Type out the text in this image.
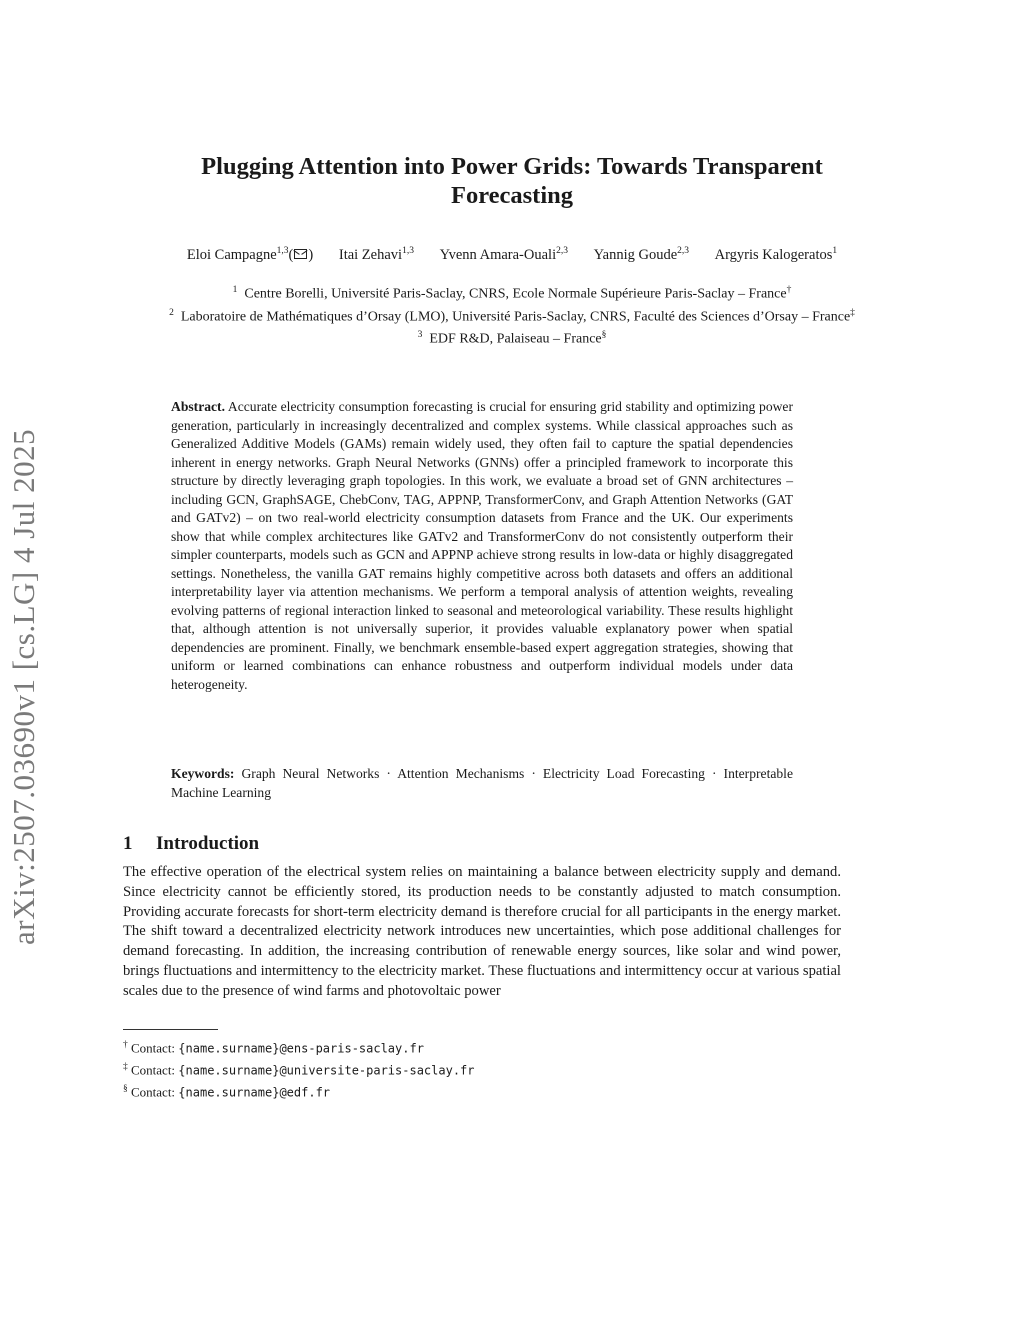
arXiv:2507.03690v1 [cs.LG] 4 Jul 2025
Plugging Attention into Power Grids: Towards Transparent
Forecasting
Eloi Campagne$^{1,3}$( ) Itai Zehavi$^{1,3}$ Yvenn Amara-Ouali$^{2,3}$ Yannig Goude$^{2,3}$ Argyris Kalogeratos$^1$
$^1$ Centre Borelli, Université Paris-Saclay, CNRS, Ecole Normale Supérieure Paris-Saclay – France†
$^2$ Laboratoire de Mathématiques d’Orsay (LMO), Université Paris-Saclay, CNRS, Faculté des Sciences d’Orsay – France‡
$^3$ EDF R&D, Palaiseau – France§
Abstract. Accurate electricity consumption forecasting is crucial for ensuring grid stability and optimizing power generation, particularly in increasingly decentralized and complex systems. While classical approaches such as Generalized Additive Models (GAMs) remain widely used, they often fail to capture the spatial dependencies inherent in energy networks. Graph Neural Networks (GNNs) offer a principled framework to incorporate this structure by directly leveraging graph topologies. In this work, we evaluate a broad set of GNN architectures – including GCN, GraphSAGE, ChebConv, TAG, APPNP, TransformerConv, and Graph Attention Networks (GAT and GATv2) – on two real-world electricity consumption datasets from France and the UK. Our experiments show that while complex architectures like GATv2 and TransformerConv do not consistently outperform their simpler counterparts, models such as GCN and APPNP achieve strong results in low-data or highly disaggregated settings. Nonetheless, the vanilla GAT remains highly competitive across both datasets and offers an additional interpretability layer via attention mechanisms. We perform a temporal analysis of attention weights, revealing evolving patterns of regional interaction linked to seasonal and meteorological variability. These results highlight that, although attention is not universally superior, it provides valuable explanatory power when spatial dependencies are prominent. Finally, we benchmark ensemble-based expert aggregation strategies, showing that uniform or learned combinations can enhance robustness and outperform individual models under data heterogeneity.
Keywords: Graph Neural Networks · Attention Mechanisms · Electricity Load Forecasting · Interpretable Machine Learning
1 Introduction
The effective operation of the electrical system relies on maintaining a balance between electricity supply and demand. Since electricity cannot be efficiently stored, its production needs to be constantly adjusted to match consumption. Providing accurate forecasts for short-term electricity demand is therefore crucial for all participants in the energy market. The shift toward a decentralized electricity network introduces new uncertainties, which pose additional challenges for demand forecasting. In addition, the increasing contribution of renewable energy sources, like solar and wind power, brings fluctuations and intermittency to the electricity market. These fluctuations and intermittency occur at various spatial scales due to the presence of wind farms and photovoltaic power
† Contact: {name.surname}@ens-paris-saclay.fr
‡ Contact: {name.surname}@universite-paris-saclay.fr
§ Contact: {name.surname}@edf.fr
